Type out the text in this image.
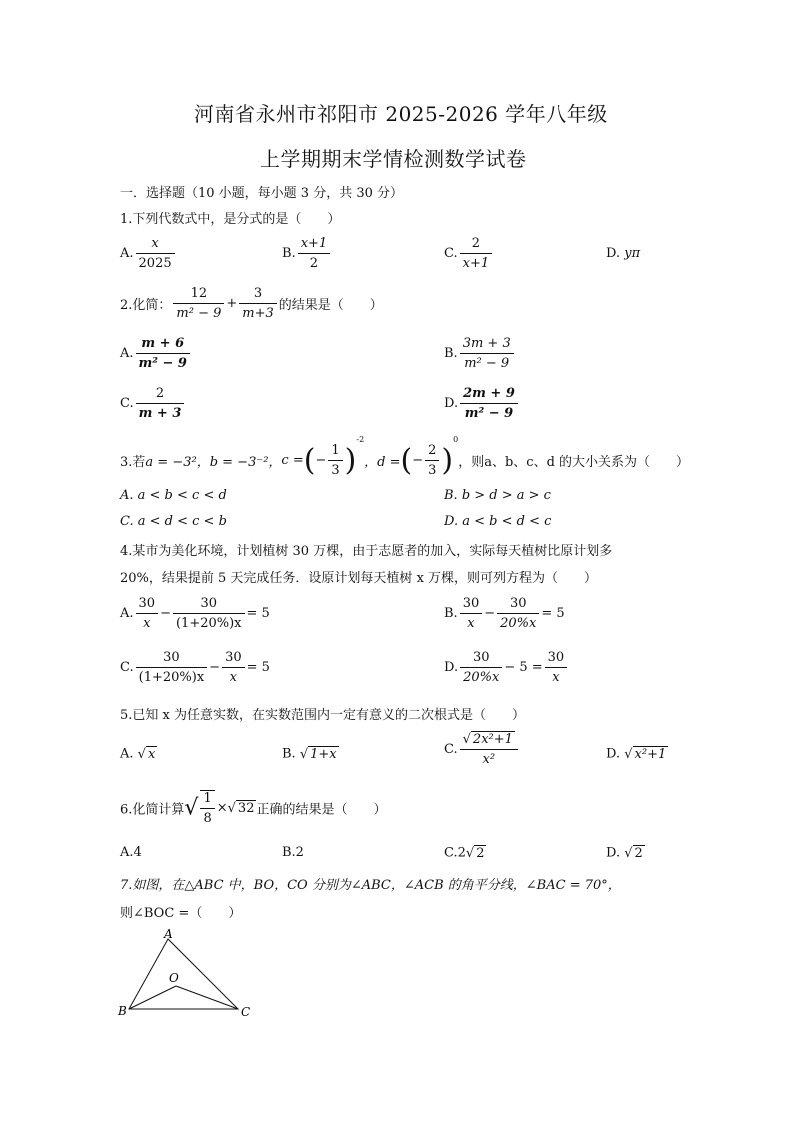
河南省永州市祁阳市 2025-2026 学年八年级
上学期期末学情检测数学试卷
一．选择题（10 小题，每小题 3 分，共 30 分）
1.下列代数式中，是分式的是（　　）
A. $\frac{x}{2025}$	B. $\frac{x+1}{2}$	C. $\frac{2}{x+1}$	D. yπ
2.化简： $\frac{12}{\text{m² − 9}} + \frac{3}{m+3}$ 的结果是（　　）
A. $\frac{m + 6}{\text{m² − 9}}$	B. $\frac{3m + 3}{\text{m² − 9}}$
C. $\frac{2}{m + 3}$	D. $\frac{2m + 9}{\text{m² − 9}}$
3.若a = −3²，b = −3⁻²，c =(− $\frac{1}{3} )^{-2}$，d =(− $\frac{2}{3} )^0$，则a、b、c、d 的大小关系为（　　）
A. a < b < c < d	B. b > d > a > c
C. a < d < c < b	D. a < b < d < c
4.某市为美化环境，计划植树 30 万棵，由于志愿者的加入，实际每天植树比原计划多
20%，结果提前 5 天完成任务．设原计划每天植树 x 万棵，则可列方程为（　　）
A. $\frac{30}{x} - \frac{30}{(1+20\%)x} = 5$	B. $\frac{30}{x} - \frac{30}{20\%x} = 5$
C. $\frac{30}{(1+20\%)x} - \frac{30}{x} = 5$	D. $\frac{30}{20\%x} - 5 = \frac{30}{x}$
5.已知 x 为任意实数，在实数范围内一定有意义的二次根式是（　　）
A. √ x	B. √ 1+x	C. $\frac{\text{√ 2x²+1}}{\text{x²}}$	D. √ x²+1
6.化简计算√ $\frac{1}{8}$ ×√ 32 正确的结果是（　　）
A.4	B.2	C.2√ 2	D. √ 2
7.如图，在△ABC 中，BO，CO 分别为∠ABC，∠ACB 的角平分线，∠BAC = 70°，
则∠BOC =（　　）
A
B	C
O
